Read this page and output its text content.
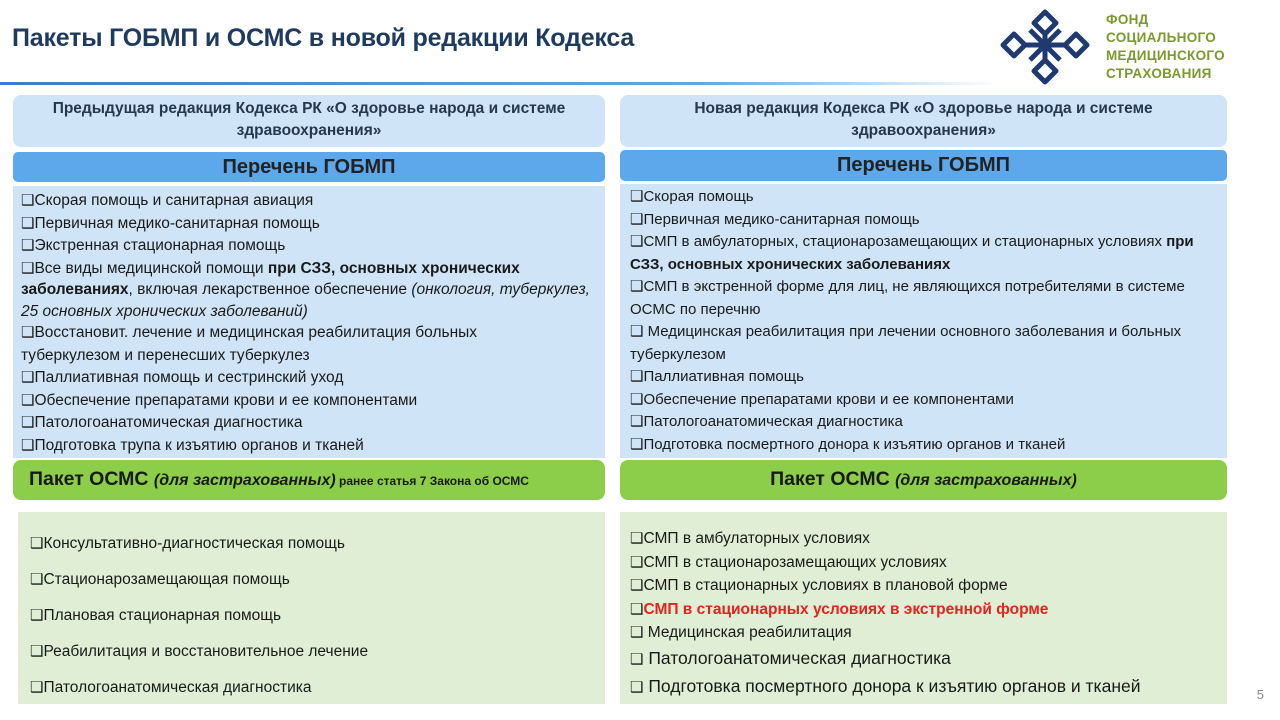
Пакеты ГОБМП и ОСМС в новой редакции Кодекса
ФОНД
СОЦИАЛЬНОГО
МЕДИЦИНСКОГО
СТРАХОВАНИЯ
Предыдущая редакция Кодекса РК «О здоровье народа и системе здравоохранения»
Перечень ГОБМП
❑Скорая помощь и санитарная авиация
❑Первичная медико-санитарная помощь
❑Экстренная стационарная помощь
❑Все виды медицинской помощи при СЗЗ, основных хронических заболеваниях, включая лекарственное обеспечение (онкология, туберкулез, 25 основных хронических заболеваний)
❑Восстановит. лечение и медицинская реабилитация больных туберкулезом и перенесших туберкулез
❑Паллиативная помощь и сестринский уход
❑Обеспечение препаратами крови и ее компонентами
❑Патологоанатомическая диагностика
❑Подготовка трупа к изъятию органов и тканей
Пакет ОСМС (для застрахованных) ранее статья 7 Закона об ОСМС
❑Консультативно-диагностическая помощь
❑Стационарозамещающая помощь
❑Плановая стационарная помощь
❑Реабилитация и восстановительное лечение
❑Патологоанатомическая диагностика
Новая редакция Кодекса РК «О здоровье народа и системе здравоохранения»
Перечень ГОБМП
❑Скорая помощь
❑Первичная медико-санитарная помощь
❑СМП в амбулаторных, стационарозамещающих и стационарных условиях при СЗЗ, основных хронических заболеваниях
❑СМП в экстренной форме для лиц, не являющихся потребителями в системе ОСМС по перечню
❑ Медицинская реабилитация при лечении основного заболевания и больных туберкулезом
❑Паллиативная помощь
❑Обеспечение препаратами крови и ее компонентами
❑Патологоанатомическая диагностика
❑Подготовка посмертного донора к изъятию органов и тканей
Пакет ОСМС (для застрахованных)
❑СМП в амбулаторных условиях
❑СМП в стационарозамещающих условиях
❑СМП в стационарных условиях в плановой форме
❑СМП в стационарных условиях в экстренной форме
❑ Медицинская реабилитация
❑ Патологоанатомическая диагностика
❑ Подготовка посмертного донора к изъятию органов и тканей	5
